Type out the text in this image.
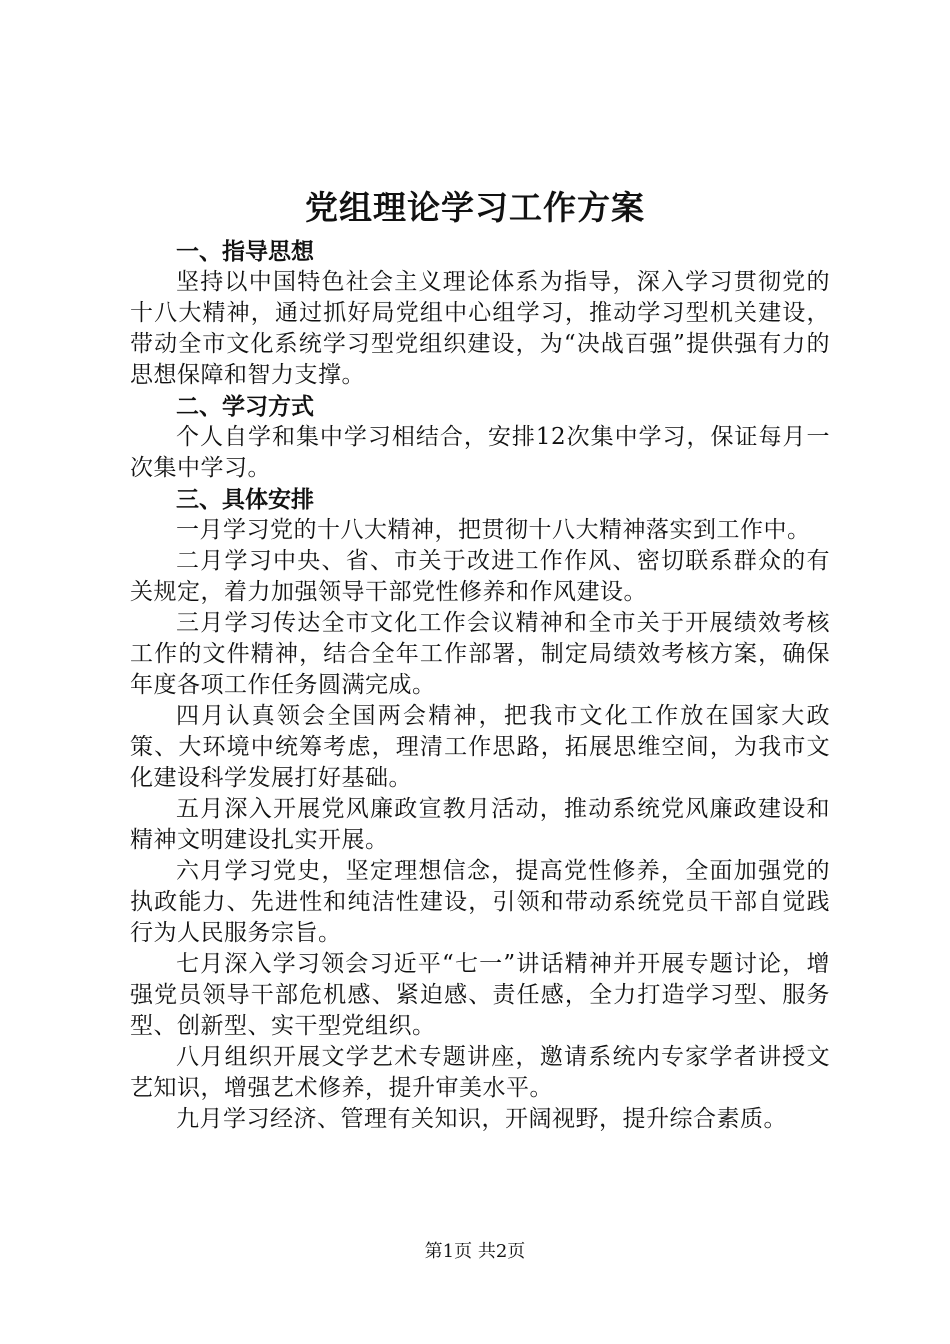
党组理论学习工作方案

一、指导思想

坚持以中国特色社会主义理论体系为指导，深入学习贯彻党的十八大精神，通过抓好局党组中心组学习，推动学习型机关建设，带动全市文化系统学习型党组织建设，为“决战百强”提供强有力的思想保障和智力支撑。

二、学习方式

个人自学和集中学习相结合，安排12次集中学习，保证每月一次集中学习。

三、具体安排

一月学习党的十八大精神，把贯彻十八大精神落实到工作中。

二月学习中央、省、市关于改进工作作风、密切联系群众的有关规定，着力加强领导干部党性修养和作风建设。

三月学习传达全市文化工作会议精神和全市关于开展绩效考核工作的文件精神，结合全年工作部署，制定局绩效考核方案，确保年度各项工作任务圆满完成。

四月认真领会全国两会精神，把我市文化工作放在国家大政策、大环境中统筹考虑，理清工作思路，拓展思维空间，为我市文化建设科学发展打好基础。

五月深入开展党风廉政宣教月活动，推动系统党风廉政建设和精神文明建设扎实开展。

六月学习党史，坚定理想信念，提高党性修养，全面加强党的执政能力、先进性和纯洁性建设，引领和带动系统党员干部自觉践行为人民服务宗旨。

七月深入学习领会习近平“七一”讲话精神并开展专题讨论，增强党员领导干部危机感、紧迫感、责任感，全力打造学习型、服务型、创新型、实干型党组织。

八月组织开展文学艺术专题讲座，邀请系统内专家学者讲授文艺知识，增强艺术修养，提升审美水平。

九月学习经济、管理有关知识，开阔视野，提升综合素质。

第1页 共2页
